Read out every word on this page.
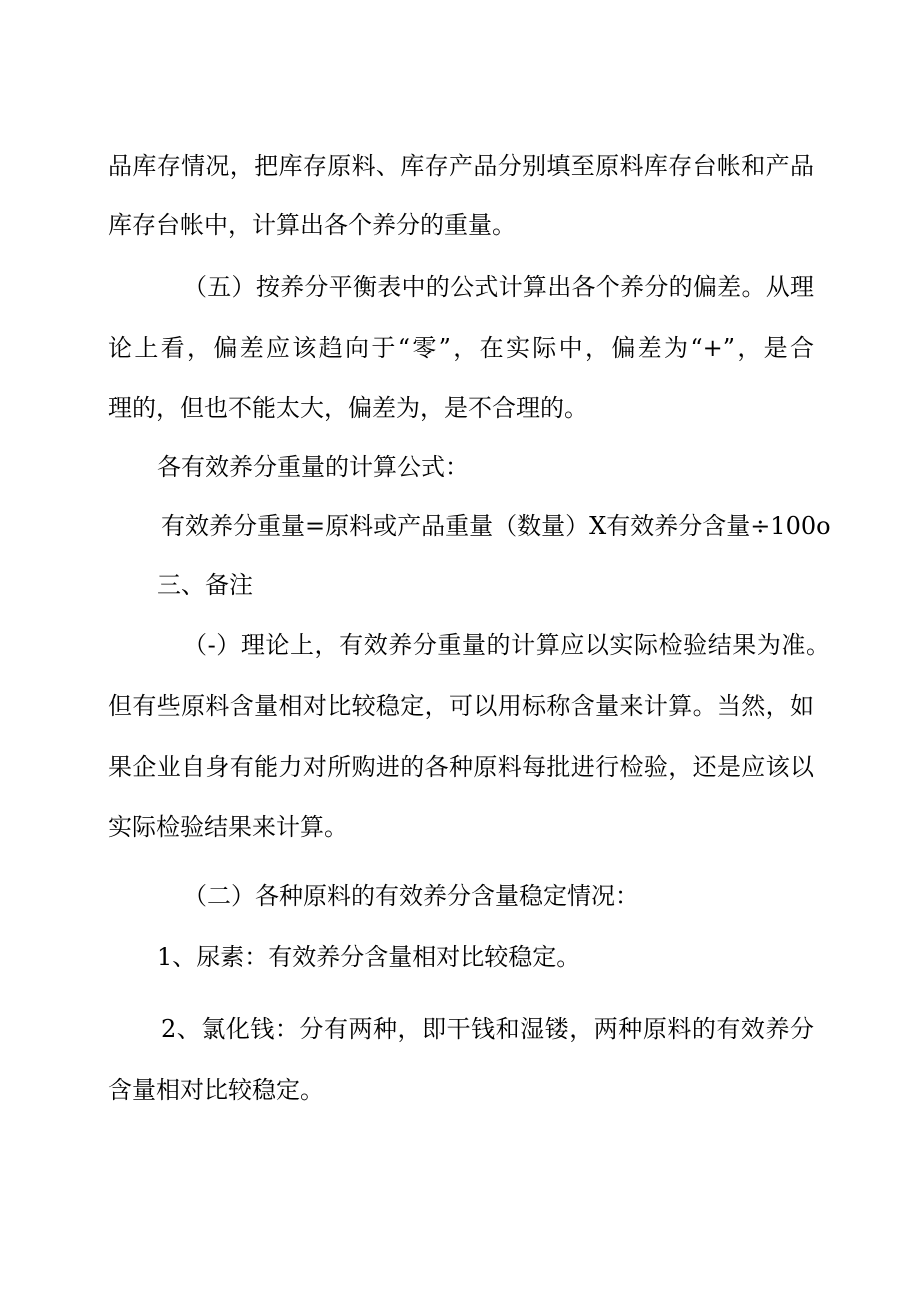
品库存情况，把库存原料、库存产品分别填至原料库存台帐和产品
库存台帐中，计算出各个养分的重量。
（五）按养分平衡表中的公式计算出各个养分的偏差。从理
论上看，偏差应该趋向于“零”，在实际中，偏差为“+”，是合
理的，但也不能太大，偏差为，是不合理的。
各有效养分重量的计算公式：
有效养分重量=原料或产品重量（数量）X有效养分含量÷100o
三、备注
（-）理论上，有效养分重量的计算应以实际检验结果为准。
但有些原料含量相对比较稳定，可以用标称含量来计算。当然，如
果企业自身有能力对所购进的各种原料每批进行检验，还是应该以
实际检验结果来计算。
（二）各种原料的有效养分含量稳定情况：
1、尿素：有效养分含量相对比较稳定。
2、氯化钱：分有两种，即干钱和湿镂，两种原料的有效养分
含量相对比较稳定。
